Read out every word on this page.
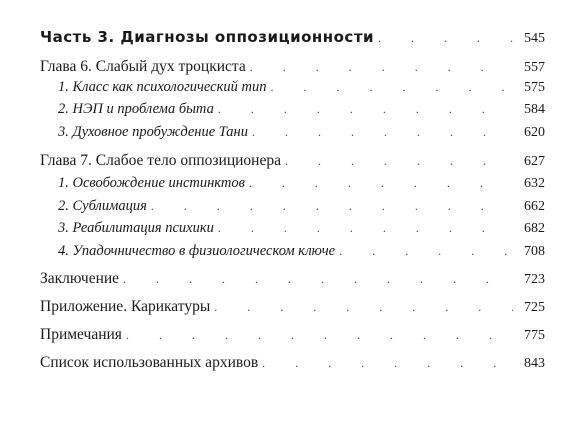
Часть 3. Диагнозы оппозиционности .	545
Глава 6. Слабый дух троцкиста .	557
1. Класс как психологический тип .	575
2. НЭП и проблема быта .	584
3. Духовное пробуждение Тани .	620
Глава 7. Слабое тело оппозиционера .	627
1. Освобождение инстинктов .	632
2. Сублимация .	662
3. Реабилитация психики .	682
4. Упадочничество в физиологическом ключе .	708
Заключение .	723
Приложение. Карикатуры .	725
Примечания .	775
Список использованных архивов .	843
